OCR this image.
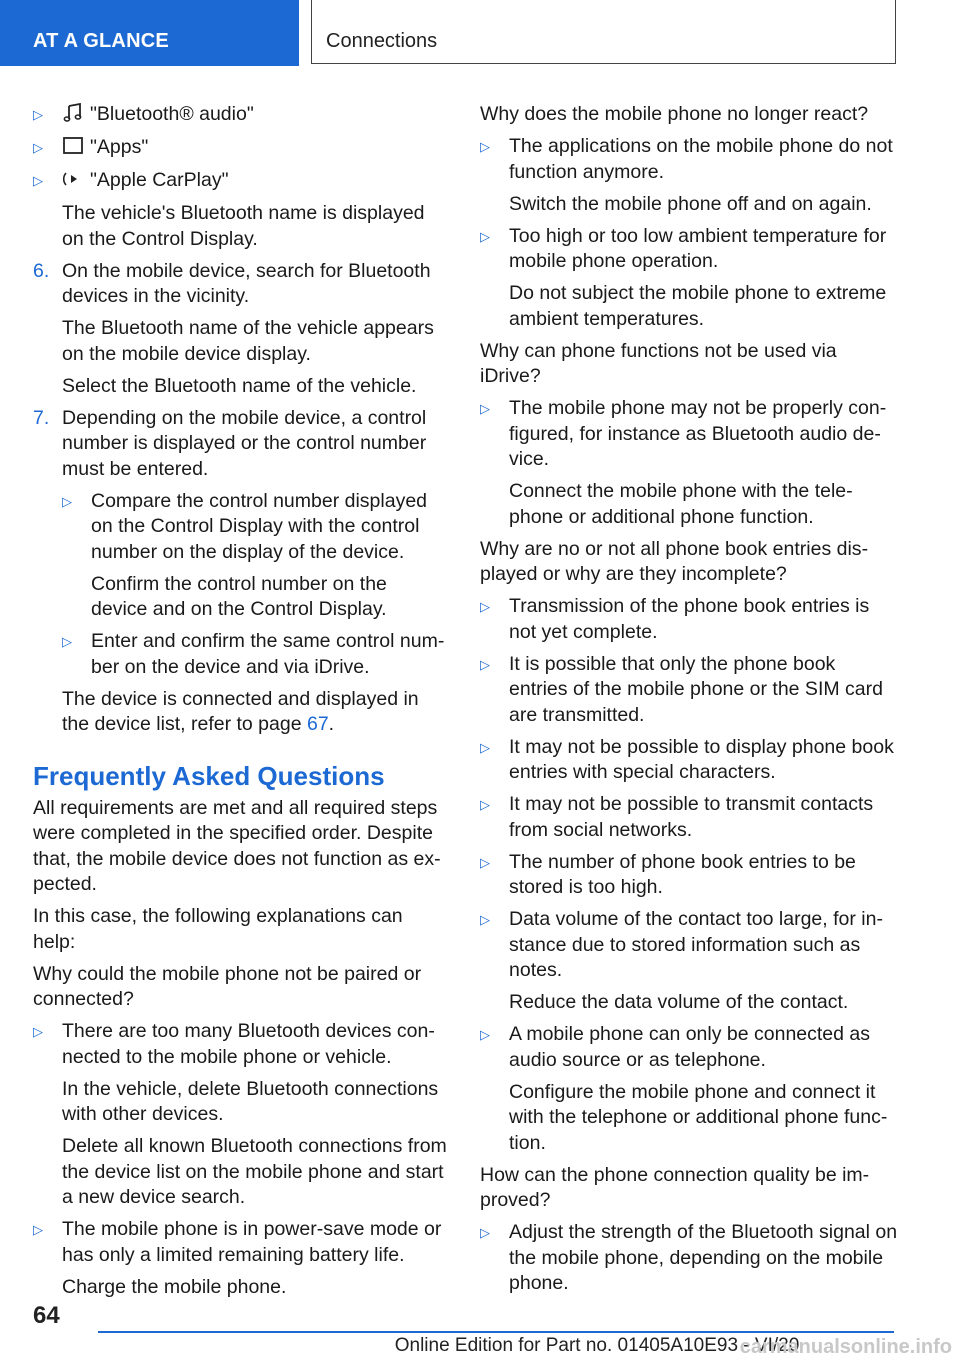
AT A GLANCE	Connections
▷	"Bluetooth® audio"
▷	"Apps"
▷	"Apple CarPlay"

The vehicle's Bluetooth name is displayed on the Control Display.

6. On the mobile device, search for Bluetooth devices in the vicinity.

The Bluetooth name of the vehicle appears on the mobile device display.

Select the Bluetooth name of the vehicle.

7. Depending on the mobile device, a control number is displayed or the control number must be entered.
▷ Compare the control number displayed on the Control Display with the control number on the display of the device.

Confirm the control number on the device and on the Control Display.

▷ Enter and confirm the same control number on the device and via iDrive.

The device is connected and displayed in the device list, refer to page 67.

Frequently Asked Questions

All requirements are met and all required steps were completed in the specified order. Despite that, the mobile device does not function as expected.

In this case, the following explanations can help:

Why could the mobile phone not be paired or connected?

▷ There are too many Bluetooth devices connected to the mobile phone or vehicle.

In the vehicle, delete Bluetooth connections with other devices.

Delete all known Bluetooth connections from the device list on the mobile phone and start a new device search.

▷ The mobile phone is in power-save mode or has only a limited remaining battery life.

Charge the mobile phone.

Why does the mobile phone no longer react?

▷ The applications on the mobile phone do not function anymore.

Switch the mobile phone off and on again.

▷ Too high or too low ambient temperature for mobile phone operation.

Do not subject the mobile phone to extreme ambient temperatures.

Why can phone functions not be used via iDrive?

▷ The mobile phone may not be properly configured, for instance as Bluetooth audio device.

Connect the mobile phone with the telephone or additional phone function.

Why are no or not all phone book entries displayed or why are they incomplete?

▷ Transmission of the phone book entries is not yet complete.
▷ It is possible that only the phone book entries of the mobile phone or the SIM card are transmitted.
▷ It may not be possible to display phone book entries with special characters.
▷ It may not be possible to transmit contacts from social networks.
▷ The number of phone book entries to be stored is too high.
▷ Data volume of the contact too large, for instance due to stored information such as notes.

Reduce the data volume of the contact.

▷ A mobile phone can only be connected as audio source or as telephone.

Configure the mobile phone and connect it with the telephone or additional phone function.

How can the phone connection quality be improved?

▷ Adjust the strength of the Bluetooth signal on the mobile phone, depending on the mobile phone.
64
Online Edition for Part no. 01405A10E93 - VI/20
carmanualsonline.info
